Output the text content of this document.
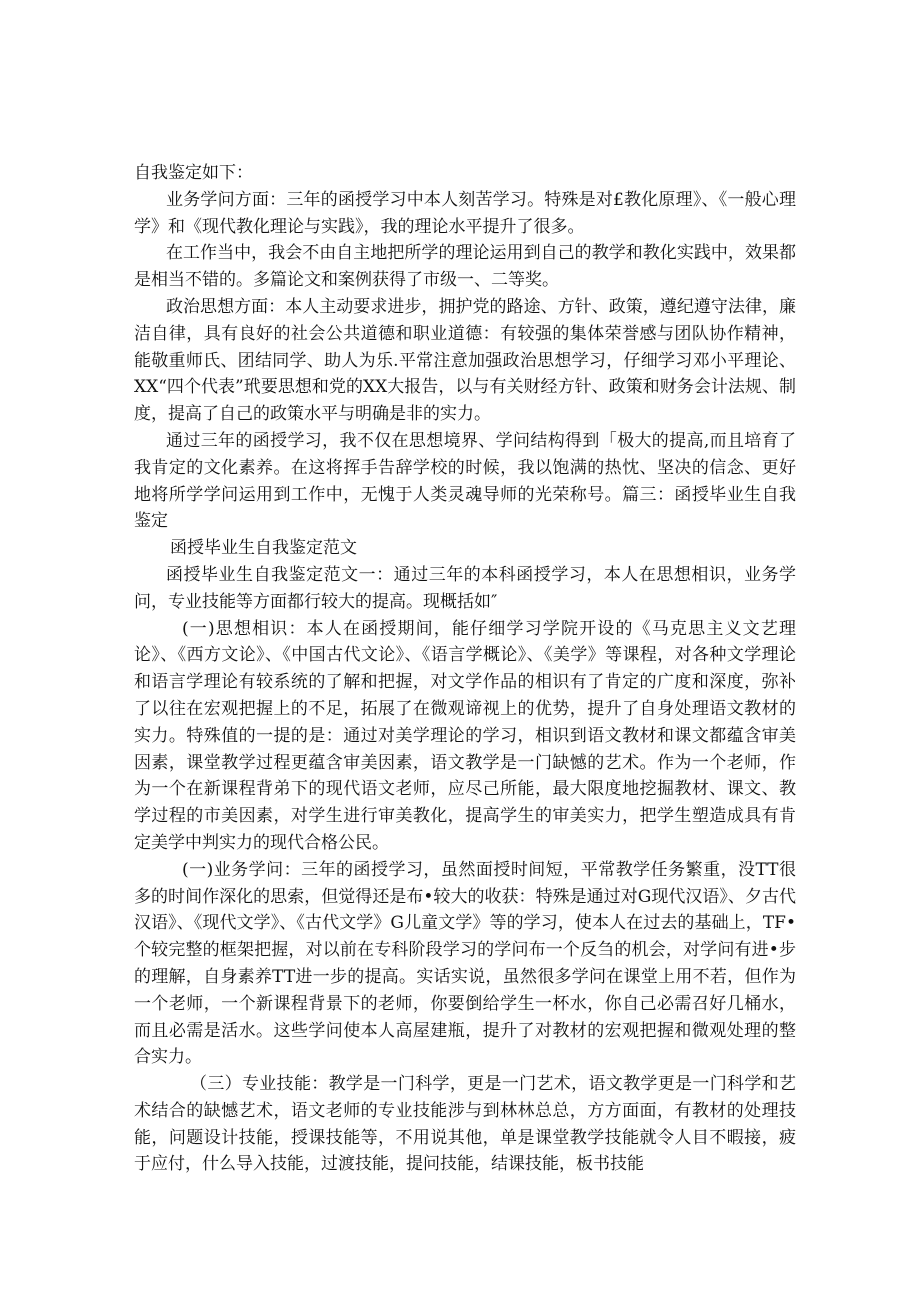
自我鉴定如下：

业务学问方面：三年的函授学习中本人刻苦学习。特殊是对£教化原理》、《一般心理学》和《现代教化理论与实践》，我的理论水平提升了很多。

在工作当中，我会不由自主地把所学的理论运用到自己的教学和教化实践中，效果都是相当不错的。多篇论文和案例获得了市级一、二等奖。

政治思想方面：本人主动要求进步，拥护党的路途、方针、政策，遵纪遵守法律，廉洁自律，具有良好的社会公共道德和职业道德：有较强的集体荣誉感与团队协作精神，能敬重师氏、团结同学、助人为乐.平常注意加强政治思想学习，仔细学习邓小平理论、XX“四个代表”玳要思想和党的XX大报告，以与有关财经方针、政策和财务会计法规、制度，提高了自己的政策水平与明确是非的实力。

通过三年的函授学习，我不仅在思想境界、学问结构得到「极大的提高,而且培育了我肯定的文化素养。在这将挥手告辞学校的时候，我以饱满的热忱、坚决的信念、更好地将所学学问运用到工作中，无愧于人类灵魂导师的光荣称号。篇三：函授毕业生自我鉴定

函授毕业生自我鉴定范文

函授毕业生自我鉴定范文一：通过三年的本科函授学习，本人在思想相识，业务学问，专业技能等方面都行较大的提高。现概括如″

(一)思想相识：本人在函授期间，能仔细学习学院开设的《马克思主义文艺理论》、《西方文论》、《中国古代文论》、《语言学概论》、《美学》等课程，对各种文学理论和语言学理论有较系统的了解和把握，对文学作品的相识有了肯定的广度和深度，弥补了以往在宏观把握上的不足，拓展了在微观谛视上的优势，提升了自身处理语文教材的实力。特殊值的一提的是：通过对美学理论的学习，相识到语文教材和课文都蕴含审美因素，课堂教学过程更蕴含审美因素，语文教学是一门缺憾的艺术。作为一个老师，作为一个在新课程背弟下的现代语文老师，应尽己所能，最大限度地挖掘教材、课文、教学过程的市美因素，对学生进行审美教化，提高学生的审美实力，把学生塑造成具有肯定美学中判实力的现代合格公民。

(一)业务学问：三年的函授学习，虽然面授时间短，平常教学任务繁重，没TT很多的时间作深化的思索，但觉得还是布•较大的收获：特殊是通过对G现代汉语》、夕古代汉语》、《现代文学》、《古代文学》G儿童文学》等的学习，使本人在过去的基础上，TF•个较完整的框架把握，对以前在专科阶段学习的学问布一个反刍的机会，对学问有进•步的理解，自身素养TT进一步的提高。实话实说，虽然很多学问在课堂上用不若，但作为一个老师，一个新课程背景下的老师，你要倒给学生一杯水，你自己必需召好几桶水，而且必需是活水。这些学问使本人高屋建瓶，提升了对教材的宏观把握和微观处理的整合实力。

（三）专业技能：教学是一门科学，更是一门艺术，语文教学更是一门科学和艺术结合的缺憾艺术，语文老师的专业技能涉与到林林总总，方方面面，有教材的处理技能，问题设计技能，授课技能等，不用说其他，单是课堂教学技能就令人目不暇接，疲于应付，什么导入技能，过渡技能，提问技能，结课技能，板书技能
